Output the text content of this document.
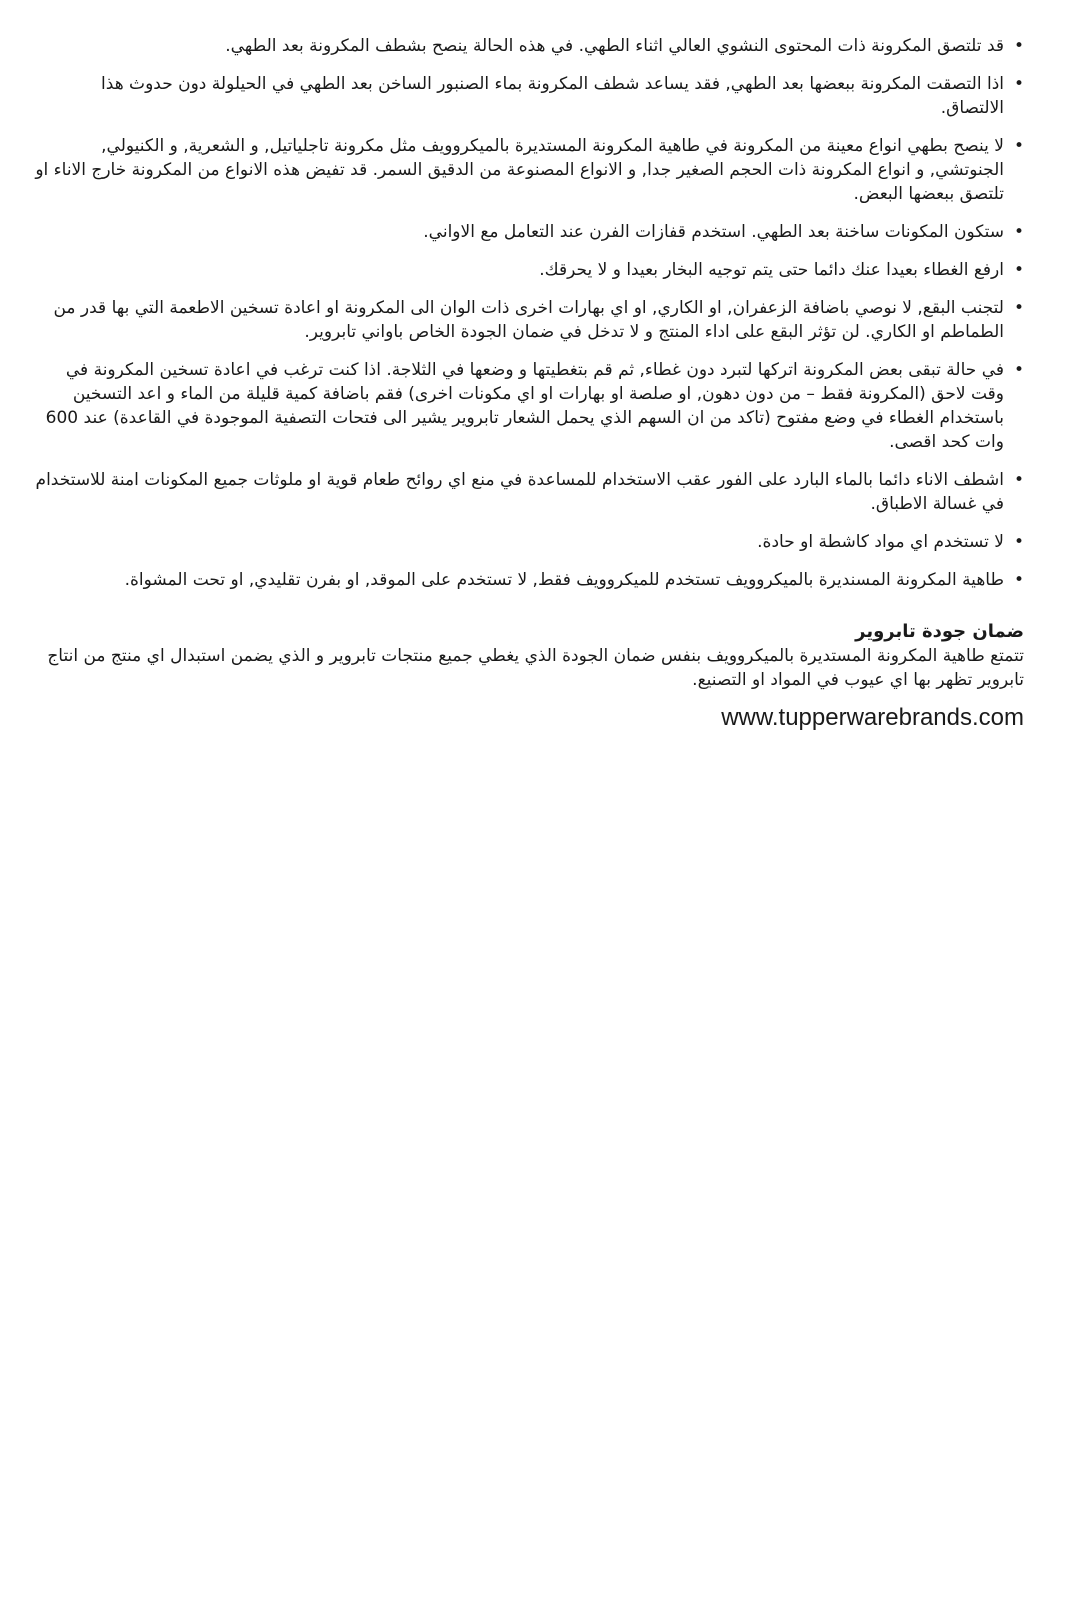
• قد تلتصق المكرونة ذات المحتوى النشوي العالي اثناء الطهي. في هذه الحالة ينصح بشطف المكرونة بعد الطهي.
• اذا التصقت المكرونة ببعضها بعد الطهي, فقد يساعد شطف المكرونة بماء الصنبور الساخن بعد الطهي في الحيلولة دون حدوث هذا الالتصاق.
• لا ينصح بطهي انواع معينة من المكرونة في طاهية المكرونة المستديرة بالميكروويف مثل مكرونة تاجلياتيل, و الشعرية, و الكنيولي, الجنوتشي, و انواع المكرونة ذات الحجم الصغير جدا, و الانواع المصنوعة من الدقيق السمر. قد تفيض هذه الانواع من المكرونة خارج الاناء او تلتصق ببعضها البعض.
• ستكون المكونات ساخنة بعد الطهي. استخدم قفازات الفرن عند التعامل مع الاواني.
• ارفع الغطاء بعيدا عنك دائما حتى يتم توجيه البخار بعيدا و لا يحرقك.
• لتجنب البقع, لا نوصي باضافة الزعفران, او الكاري, او اي بهارات اخرى ذات الوان الى المكرونة او اعادة تسخين الاطعمة التي بها قدر من الطماطم او الكاري. لن تؤثر البقع على اداء المنتج و لا تدخل في ضمان الجودة الخاص باواني تابروير.
• في حالة تبقى بعض المكرونة اتركها لتبرد دون غطاء, ثم قم بتغطيتها و وضعها في الثلاجة. اذا كنت ترغب في اعادة تسخين المكرونة في وقت لاحق (المكرونة فقط – من دون دهون, او صلصة او بهارات او اي مكونات اخرى) فقم باضافة كمية قليلة من الماء و اعد التسخين باستخدام الغطاء في وضع مفتوح (تاكد من ان السهم الذي يحمل الشعار تابروير يشير الى فتحات التصفية الموجودة في القاعدة) عند 600 وات كحد اقصى.
• اشطف الاناء دائما بالماء البارد على الفور عقب الاستخدام للمساعدة في منع اي روائح طعام قوية او ملوثات جميع المكونات امنة للاستخدام في غسالة الاطباق.
• لا تستخدم اي مواد كاشطة او حادة.
• طاهية المكرونة المسنديرة بالميكروويف تستخدم للميكروويف فقط, لا تستخدم على الموقد, او بفرن تقليدي, او تحت المشواة.

ضمان جودة تابروير

تتمتع طاهية المكرونة المستديرة بالميكروويف بنفس ضمان الجودة الذي يغطي جميع منتجات تابروير و الذي يضمن استبدال اي منتج من انتاج تابروير تظهر بها اي عيوب في المواد او التصنيع.

www.tupperwarebrands.com
